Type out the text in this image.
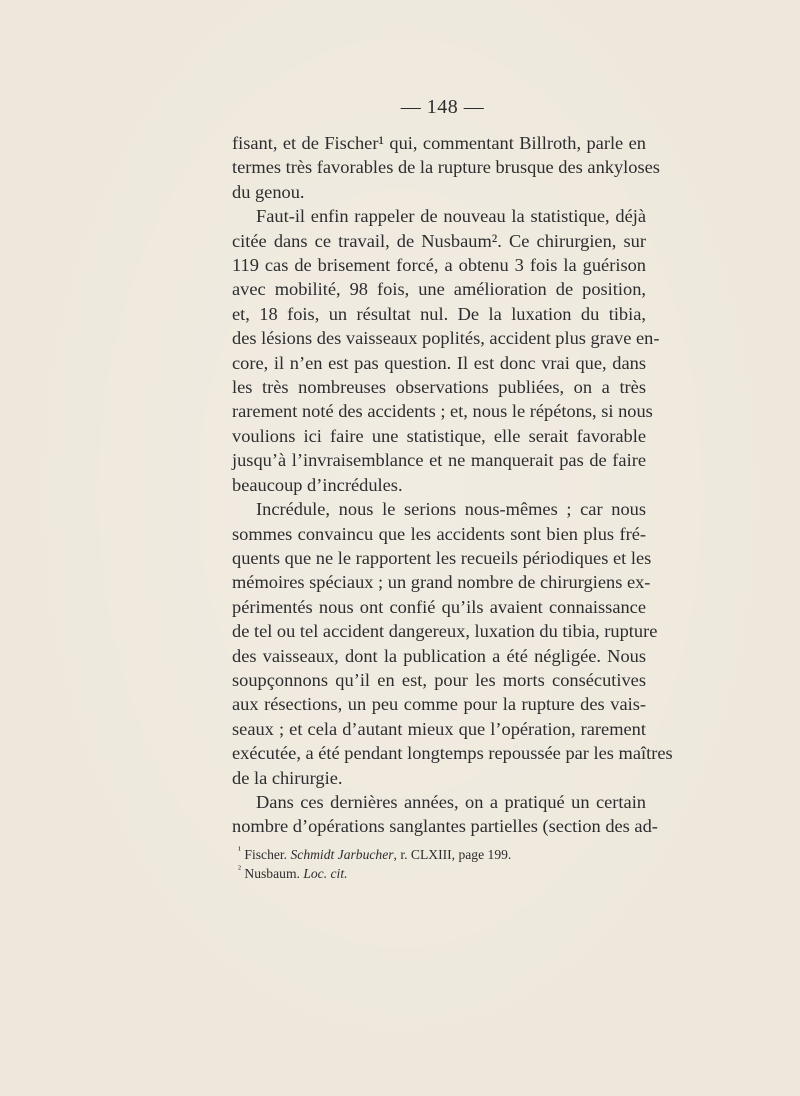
— 148 —
fisant, et de Fischer¹ qui, commentant Billroth, parle en
termes très favorables de la rupture brusque des ankyloses
du genou.
Faut-il enfin rappeler de nouveau la statistique, déjà
citée dans ce travail, de Nusbaum². Ce chirurgien, sur
119 cas de brisement forcé, a obtenu 3 fois la guérison
avec mobilité, 98 fois, une amélioration de position,
et, 18 fois, un résultat nul. De la luxation du tibia,
des lésions des vaisseaux poplités, accident plus grave en-
core, il n’en est pas question. Il est donc vrai que, dans
les très nombreuses observations publiées, on a très
rarement noté des accidents ; et, nous le répétons, si nous
voulions ici faire une statistique, elle serait favorable
jusqu’à l’invraisemblance et ne manquerait pas de faire
beaucoup d’incrédules.
Incrédule, nous le serions nous-mêmes ; car nous
sommes convaincu que les accidents sont bien plus fré-
quents que ne le rapportent les recueils périodiques et les
mémoires spéciaux ; un grand nombre de chirurgiens ex-
périmentés nous ont confié qu’ils avaient connaissance
de tel ou tel accident dangereux, luxation du tibia, rupture
des vaisseaux, dont la publication a été négligée. Nous
soupçonnons qu’il en est, pour les morts consécutives
aux résections, un peu comme pour la rupture des vais-
seaux ; et cela d’autant mieux que l’opération, rarement
exécutée, a été pendant longtemps repoussée par les maîtres
de la chirurgie.
Dans ces dernières années, on a pratiqué un certain
nombre d’opérations sanglantes partielles (section des ad-
$^{^1}$ Fischer. Schmidt Jarbucher, r. CLXIII, page 199.
$^{^2}$ Nusbaum. Loc. cit.
